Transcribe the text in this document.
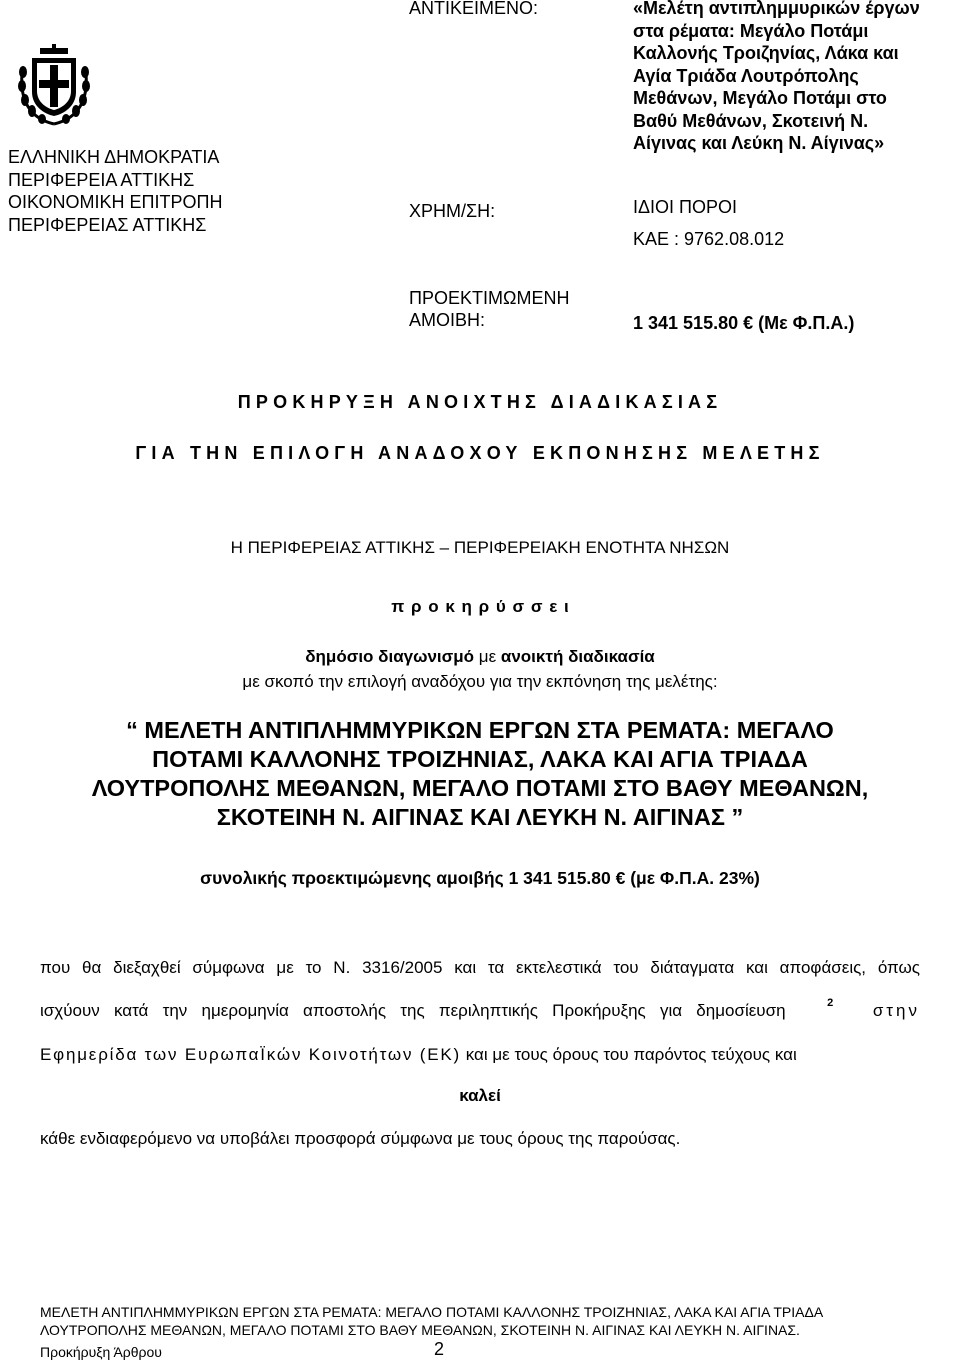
ΕΛΛΗΝΙΚΗ ΔΗΜΟΚΡΑΤΙΑ
ΠΕΡΙΦΕΡΕΙΑ ΑΤΤΙΚΗΣ
ΟΙΚΟΝΟΜΙΚΗ ΕΠΙΤΡΟΠΗ
ΠΕΡΙΦΕΡΕΙΑΣ ΑΤΤΙΚΗΣ
ΑΝΤΙΚΕΙΜΕΝΟ:	«Μελέτη αντιπλημμυρικών έργων
στα ρέματα: Μεγάλο Ποτάμι
Καλλονής Τροιζηνίας, Λάκα και
Αγία Τριάδα Λουτρόπολης
Μεθάνων, Μεγάλο Ποτάμι στο
Βαθύ Μεθάνων, Σκοτεινή Ν.
Αίγινας και Λεύκη Ν. Αίγινας»
ΧΡΗΜ/ΣΗ:	ΙΔΙΟΙ ΠΟΡΟΙ
ΚΑΕ : 9762.08.012
ΠΡΟΕΚΤΙΜΩΜΕΝΗ
ΑΜΟΙΒΗ:	1 341 515.80 € (Με Φ.Π.Α.)
ΠΡΟΚΗΡΥΞΗ ΑΝΟΙΧΤΗΣ ΔΙΑΔΙΚΑΣΙΑΣ
ΓΙΑ ΤΗΝ ΕΠΙΛΟΓΗ ΑΝΑΔΟΧΟΥ ΕΚΠΟΝΗΣΗΣ ΜΕΛΕΤΗΣ
Η ΠΕΡΙΦΕΡΕΙΑΣ ΑΤΤΙΚΗΣ – ΠΕΡΙΦΕΡΕΙΑΚΗ ΕΝΟΤΗΤΑ ΝΗΣΩΝ
π ρ ο κ η ρ ύ σ σ ε ι
δημόσιο διαγωνισμό με ανοικτή διαδικασία
με σκοπό την επιλογή αναδόχου για την εκπόνηση της μελέτης:
“ ΜΕΛΕΤΗ ΑΝΤΙΠΛΗΜΜΥΡΙΚΩΝ ΕΡΓΩΝ ΣΤΑ ΡΕΜΑΤΑ: ΜΕΓΑΛΟ
ΠΟΤΑΜΙ ΚΑΛΛΟΝΗΣ ΤΡΟΙΖΗΝΙΑΣ, ΛΑΚΑ ΚΑΙ ΑΓΙΑ ΤΡΙΑΔΑ
ΛΟΥΤΡΟΠΟΛΗΣ ΜΕΘΑΝΩΝ, ΜΕΓΑΛΟ ΠΟΤΑΜΙ ΣΤΟ ΒΑΘΥ ΜΕΘΑΝΩΝ,
ΣΚΟΤΕΙΝΗ Ν. ΑΙΓΙΝΑΣ ΚΑΙ ΛΕΥΚΗ Ν. ΑΙΓΙΝΑΣ ”
συνολικής προεκτιμώμενης αμοιβής 1 341 515.80 € (με Φ.Π.Α. 23%)
που θα διεξαχθεί σύμφωνα με το Ν. 3316/2005 και τα εκτελεστικά του διάταγματα και αποφάσεις, όπως
ισχύουν κατά την ημερομηνία αποστολής της περιληπτικής Προκήρυξης για δημοσίευση	2 στην
Εφημερίδα των ΕυρωπαΪκών Κοινοτήτων (ΕΚ) και με τους όρους του παρόντος τεύχους και
καλεί
κάθε ενδιαφερόμενο να υποβάλει προσφορά σύμφωνα με τους όρους της παρούσας.
ΜΕΛΕΤΗ ΑΝΤΙΠΛΗΜΜΥΡΙΚΩΝ ΕΡΓΩΝ ΣΤΑ ΡΕΜΑΤΑ: ΜΕΓΑΛΟ ΠΟΤΑΜΙ ΚΑΛΛΟΝΗΣ ΤΡΟΙΖΗΝΙΑΣ, ΛΑΚΑ ΚΑΙ ΑΓΙΑ ΤΡΙΑΔΑ
ΛΟΥΤΡΟΠΟΛΗΣ ΜΕΘΑΝΩΝ, ΜΕΓΑΛΟ ΠΟΤΑΜΙ ΣΤΟ ΒΑΘΥ ΜΕΘΑΝΩΝ, ΣΚΟΤΕΙΝΗ Ν. ΑΙΓΙΝΑΣ ΚΑΙ ΛΕΥΚΗ Ν. ΑΙΓΙΝΑΣ.
Προκήρυξη Άρθρου	2
